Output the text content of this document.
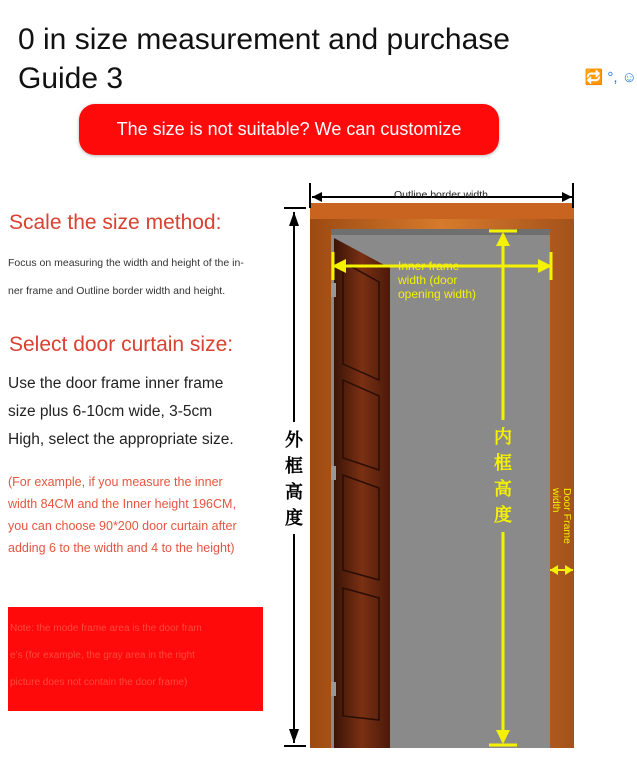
0 in size measurement and purchase Guide 3	🔁 °, ☺
The size is not suitable? We can customize
Scale the size method:
Focus on measuring the width and height of the in-
ner frame and Outline border width and height.
Select door curtain size:
Use the door frame inner frame
size plus 6-10cm wide, 3-5cm
High, select the appropriate size.
(For example, if you measure the inner
width 84CM and the Inner height 196CM,
you can choose 90*200 door curtain after
adding 6 to the width and 4 to the height)
Note: the mode frame area is the door fram
e’s (for example, the gray area in the right
picture does not contain the door frame)
Outline border width
外
框
高
度
Inner frame
width (door
opening width)
内
框
高
度	Door Frame
width
